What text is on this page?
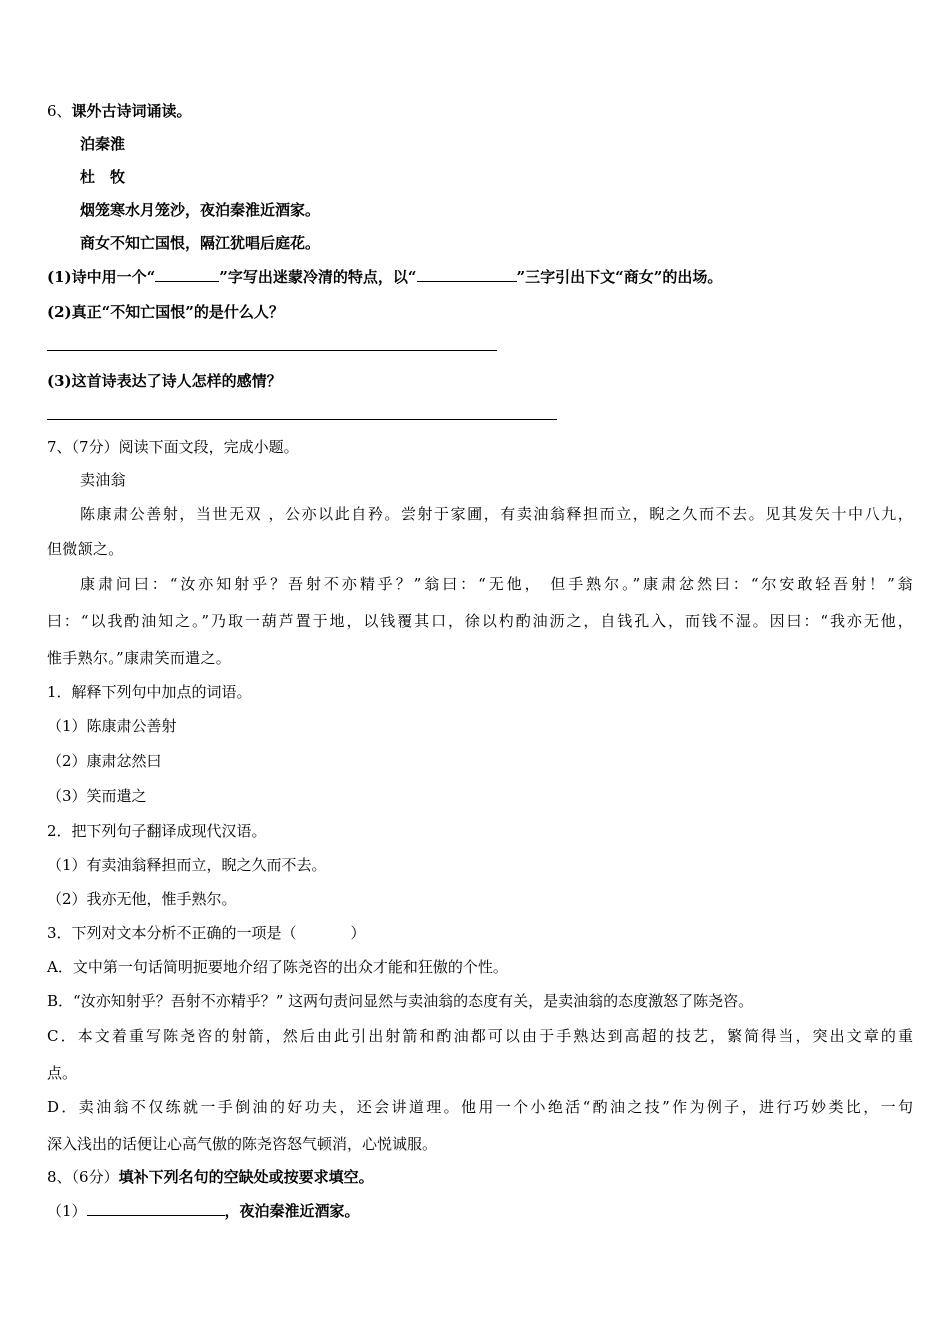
6、课外古诗词诵读。
泊秦淮
杜　牧
烟笼寒水月笼沙，夜泊秦淮近酒家。
商女不知亡国恨，隔江犹唱后庭花。
(1)诗中用一个“	”字写出迷蒙冷清的特点，以“	”三字引出下文“商女”的出场。
(2)真正“不知亡国恨”的是什么人？
(3)这首诗表达了诗人怎样的感情？
7、（7分）阅读下面文段，完成小题。
卖油翁
陈康肃公善射，当世无双 ，公亦以此自矜。尝射于家圃，有卖油翁释担而立，睨之久而不去。见其发矢十中八九，
但微颔之。
康肃问曰：“汝亦知射乎？吾射不亦精乎？”翁曰：“无他， 但手熟尔。”康肃忿然曰：“尔安敢轻吾射！”翁
曰：“以我酌油知之。”乃取一葫芦置于地，以钱覆其口，徐以杓酌油沥之，自钱孔入，而钱不湿。因曰：“我亦无他，
惟手熟尔。”康肃笑而遣之。
1．解释下列句中加点的词语。
（1）陈康肃公善射
（2）康肃忿然曰
（3）笑而遣之
2．把下列句子翻译成现代汉语。
（1）有卖油翁释担而立，睨之久而不去。
（2）我亦无他，惟手熟尔。
3．下列对文本分析不正确的一项是（	）
A．文中第一句话简明扼要地介绍了陈尧咨的出众才能和狂傲的个性。
B．“汝亦知射乎？吾射不亦精乎？” 这两句责问显然与卖油翁的态度有关，是卖油翁的态度激怒了陈尧咨。
C．本文着重写陈尧咨的射箭，然后由此引出射箭和酌油都可以由于手熟达到高超的技艺，繁简得当，突出文章的重
点。
D．卖油翁不仅练就一手倒油的好功夫，还会讲道理。他用一个小绝活“酌油之技”作为例子，进行巧妙类比，一句
深入浅出的话便让心高气傲的陈尧咨怒气顿消，心悦诚服。
8、（6分）填补下列名句的空缺处或按要求填空。
（1）	，夜泊秦淮近酒家。
